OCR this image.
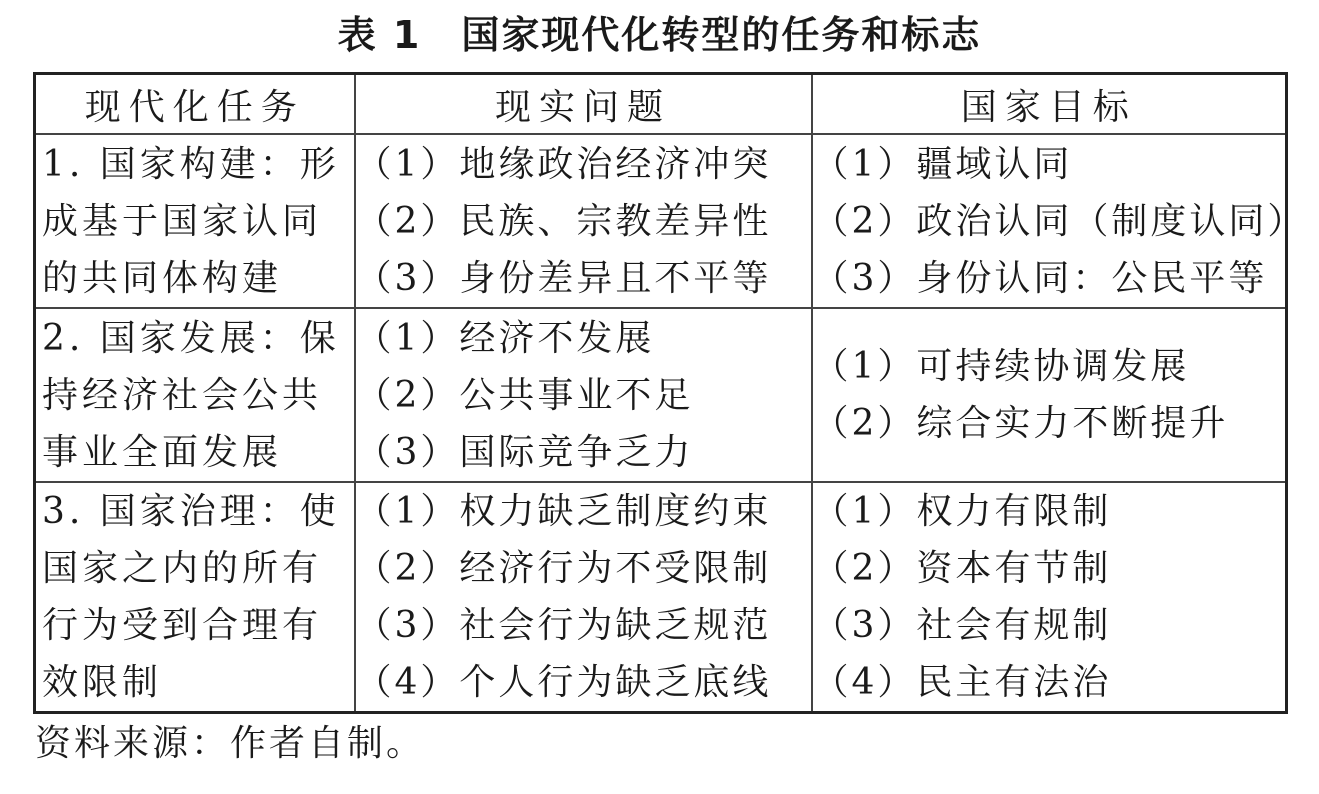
表 1 国家现代化转型的任务和标志
现代化任务	现实问题	国家目标

1. 国家构建：形
成基于国家认同
的共同体构建	（1）地缘政治经济冲突
（2）民族、宗教差异性
（3）身份差异且不平等	（1）疆域认同
（2）政治认同（制度认同）
（3）身份认同：公民平等

2. 国家发展：保
持经济社会公共
事业全面发展	（1）经济不发展
（2）公共事业不足
（3）国际竞争乏力	（1）可持续协调发展
（2）综合实力不断提升

3. 国家治理：使
国家之内的所有
行为受到合理有
效限制	（1）权力缺乏制度约束
（2）经济行为不受限制
（3）社会行为缺乏规范
（4）个人行为缺乏底线	（1）权力有限制
（2）资本有节制
（3）社会有规制
（4）民主有法治
资料来源：作者自制。
